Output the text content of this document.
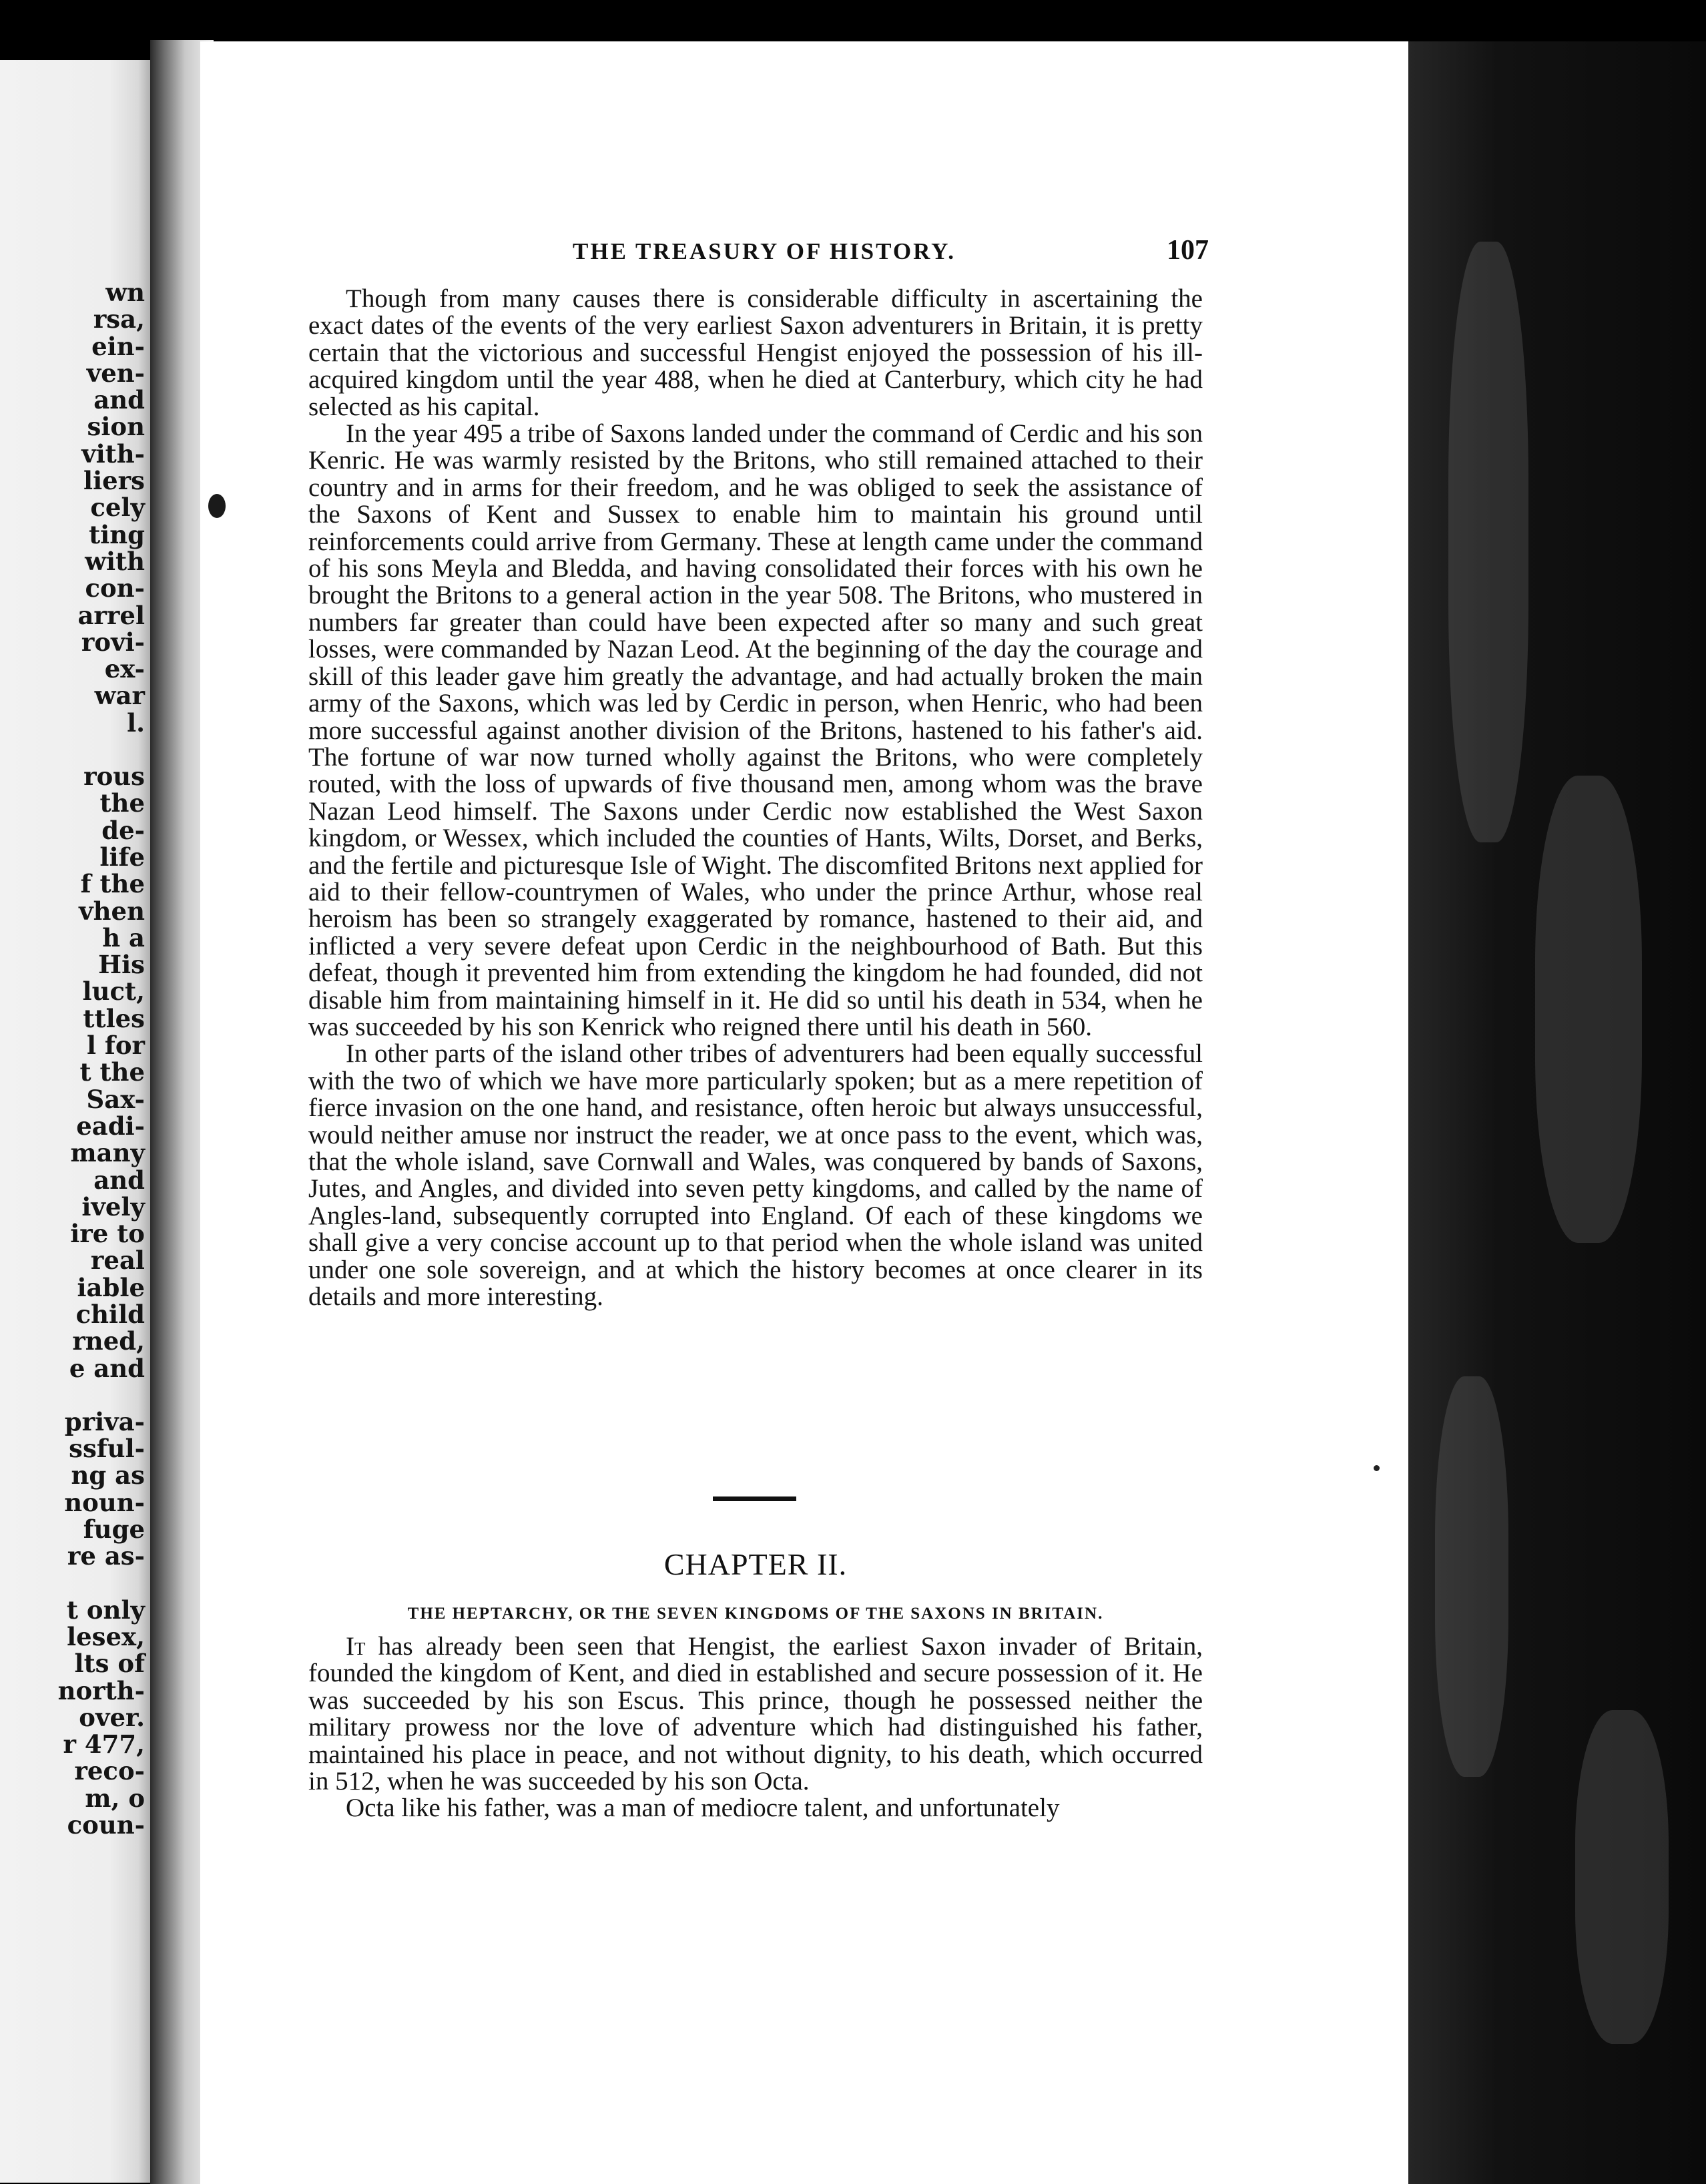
wn
rsa,
ein-
ven-
and
sion
vith-
liers
cely
ting
with
con-
arrel
rovi-
ex-
war
l.
rous
the
de-
life
f the
vhen
h a
His
luct,
ttles
l for
t the
Sax-
eadi-
many
and
ively
ire to
real
iable
child
rned,
e and
priva-
ssful-
ng as
noun-
fuge
re as-
t only
lesex,
lts of
north-
over.
r 477,
reco-
m, o
coun-
THE TREASURY OF HISTORY.	107

Though from many causes there is considerable difficulty in ascertaining the exact dates of the events of the very earliest Saxon adventurers in Britain, it is pretty certain that the victorious and successful Hengist enjoyed the possession of his ill-acquired kingdom until the year 488, when he died at Canterbury, which city he had selected as his capital.

In the year 495 a tribe of Saxons landed under the command of Cerdic and his son Kenric. He was warmly resisted by the Britons, who still remained attached to their country and in arms for their freedom, and he was obliged to seek the assistance of the Saxons of Kent and Sussex to enable him to maintain his ground until reinforcements could arrive from Germany. These at length came under the command of his sons Meyla and Bledda, and having consolidated their forces with his own he brought the Britons to a general action in the year 508. The Britons, who mustered in numbers far greater than could have been expected after so many and such great losses, were commanded by Nazan Leod. At the beginning of the day the courage and skill of this leader gave him greatly the advantage, and had actually broken the main army of the Saxons, which was led by Cerdic in person, when Henric, who had been more successful against another division of the Britons, hastened to his father's aid. The fortune of war now turned wholly against the Britons, who were completely routed, with the loss of upwards of five thousand men, among whom was the brave Nazan Leod himself. The Saxons under Cerdic now established the West Saxon kingdom, or Wessex, which included the counties of Hants, Wilts, Dorset, and Berks, and the fertile and picturesque Isle of Wight. The discomfited Britons next applied for aid to their fellow-countrymen of Wales, who under the prince Arthur, whose real heroism has been so strangely exaggerated by romance, hastened to their aid, and inflicted a very severe defeat upon Cerdic in the neighbourhood of Bath. But this defeat, though it prevented him from extending the kingdom he had founded, did not disable him from maintaining himself in it. He did so until his death in 534, when he was succeeded by his son Kenrick who reigned there until his death in 560.

In other parts of the island other tribes of adventurers had been equally successful with the two of which we have more particularly spoken; but as a mere repetition of fierce invasion on the one hand, and resistance, often heroic but always unsuccessful, would neither amuse nor instruct the reader, we at once pass to the event, which was, that the whole island, save Cornwall and Wales, was conquered by bands of Saxons, Jutes, and Angles, and divided into seven petty kingdoms, and called by the name of Angles-land, subsequently corrupted into England. Of each of these kingdoms we shall give a very concise account up to that period when the whole island was united under one sole sovereign, and at which the history becomes at once clearer in its details and more interesting.

CHAPTER II.
THE HEPTARCHY, OR THE SEVEN KINGDOMS OF THE SAXONS IN BRITAIN.

It has already been seen that Hengist, the earliest Saxon invader of Britain, founded the kingdom of Kent, and died in established and secure possession of it. He was succeeded by his son Escus. This prince, though he possessed neither the military prowess nor the love of adventure which had distinguished his father, maintained his place in peace, and not without dignity, to his death, which occurred in 512, when he was succeeded by his son Octa.

Octa like his father, was a man of mediocre talent, and unfortunately
